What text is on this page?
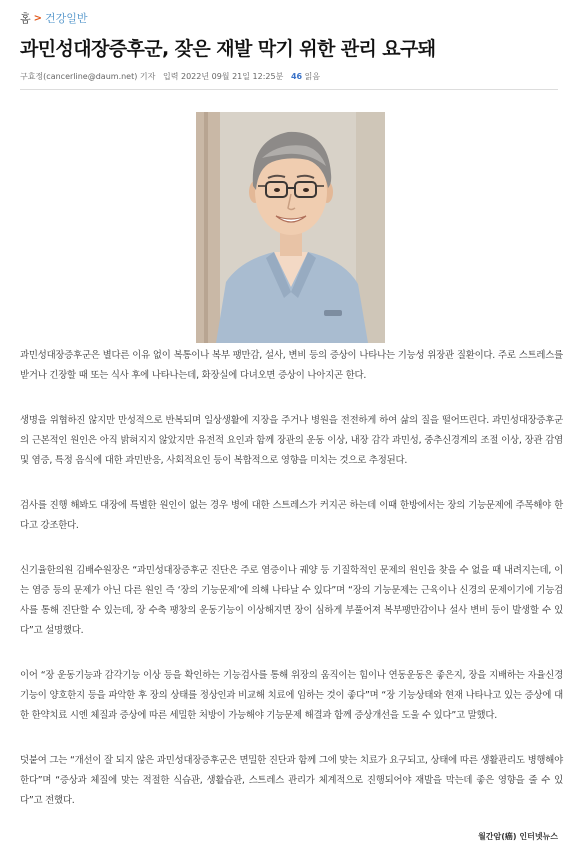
홈 > 건강일반
과민성대장증후군, 잦은 재발 막기 위한 관리 요구돼
구효정(cancerline@daum.net) 기자 입력 2022년 09월 21일 12:25분 46 읽음

과민성대장증후군은 별다른 이유 없이 복통이나 복부 팽만감, 설사, 변비 등의 증상이 나타나는 기능성 위장관 질환이다. 주로 스트레스를 받거나 긴장할 때 또는 식사 후에 나타나는데, 화장실에 다녀오면 증상이 나아지곤 한다.

생명을 위협하진 않지만 만성적으로 반복되며 일상생활에 지장을 주거나 병원을 전전하게 하여 삶의 질을 떨어뜨린다. 과민성대장증후군의 근본적인 원인은 아직 밝혀지지 않았지만 유전적 요인과 함께 장관의 운동 이상, 내장 감각 과민성, 중추신경계의 조절 이상, 장관 감염 및 염증, 특정 음식에 대한 과민반응, 사회적요인 등이 복합적으로 영향을 미치는 것으로 추정된다.

검사를 진행 해봐도 대장에 특별한 원인이 없는 경우 병에 대한 스트레스가 커지곤 하는데 이때 한방에서는 장의 기능문제에 주목해야 한다고 강조한다.

신기율한의원 김배수원장은 “과민성대장증후군 진단은 주로 염증이나 궤양 등 기질학적인 문제의 원인을 찾을 수 없을 때 내려지는데, 이는 염증 등의 문제가 아닌 다른 원인 즉 ‘장의 기능문제’에 의해 나타날 수 있다”며 “장의 기능문제는 근육이나 신경의 문제이기에 기능검사를 통해 진단할 수 있는데, 장 수축 팽창의 운동기능이 이상해지면 장이 심하게 부풀어져 복부팽만감이나 설사 변비 등이 발생할 수 있다”고 설명했다.

이어 “장 운동기능과 감각기능 이상 등을 확인하는 기능검사를 통해 위장의 움직이는 힘이나 연동운동은 좋은지, 장을 지배하는 자율신경 기능이 양호한지 등을 파악한 후 장의 상태를 정상인과 비교해 치료에 임하는 것이 좋다”며 “장 기능상태와 현재 나타나고 있는 증상에 대한 한약치료 시엔 체질과 증상에 따른 세밀한 처방이 가능해야 기능문제 해결과 함께 증상개선을 도울 수 있다”고 말했다.

덧붙여 그는 “개선이 잘 되지 않은 과민성대장증후군은 면밀한 진단과 함께 그에 맞는 치료가 요구되고, 상태에 따른 생활관리도 병행해야 한다”며 “증상과 체질에 맞는 적절한 식습관, 생활습관, 스트레스 관리가 체계적으로 진행되어야 재발을 막는데 좋은 영향을 줄 수 있다”고 전했다.

월간암(癌) 인터넷뉴스
